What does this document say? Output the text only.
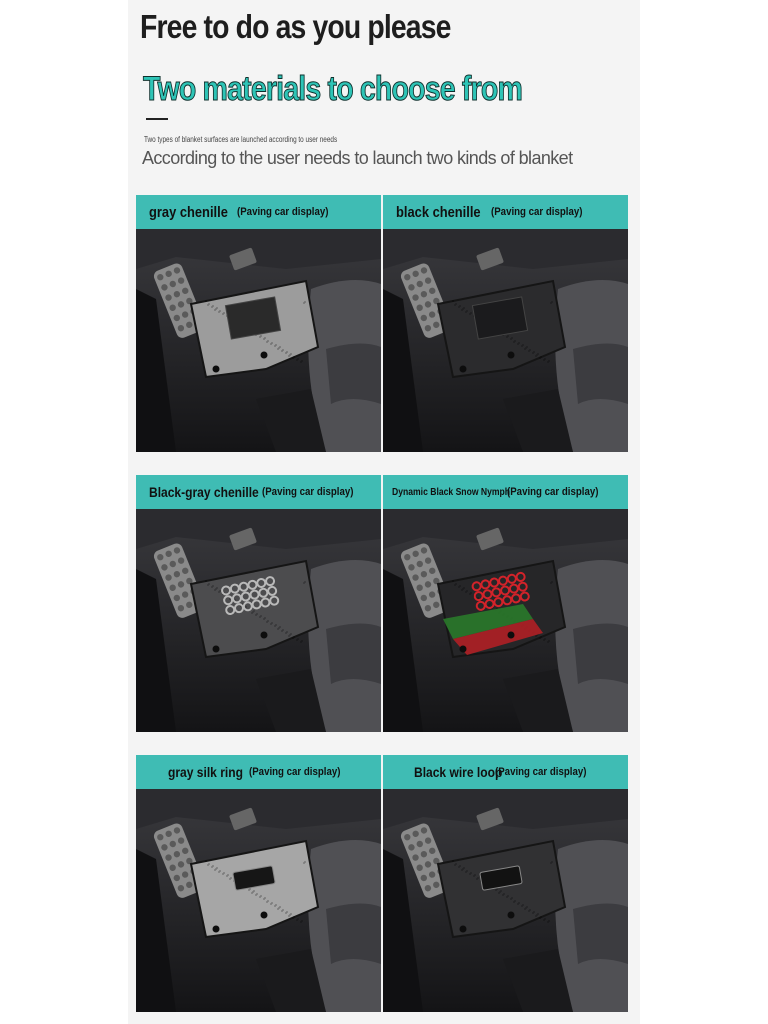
Free to do as you please
Two materials to choose from

Two types of blanket surfaces are launched according to user needs

According to the user needs to launch two kinds of blanket

gray chenille (Paving car display)	black chenille (Paving car display)
Black-gray chenille (Paving car display)	Dynamic Black Snow Nymph
(Paving car display)
gray silk ring (Paving car display)	Black wire loop
(Paving car display)
